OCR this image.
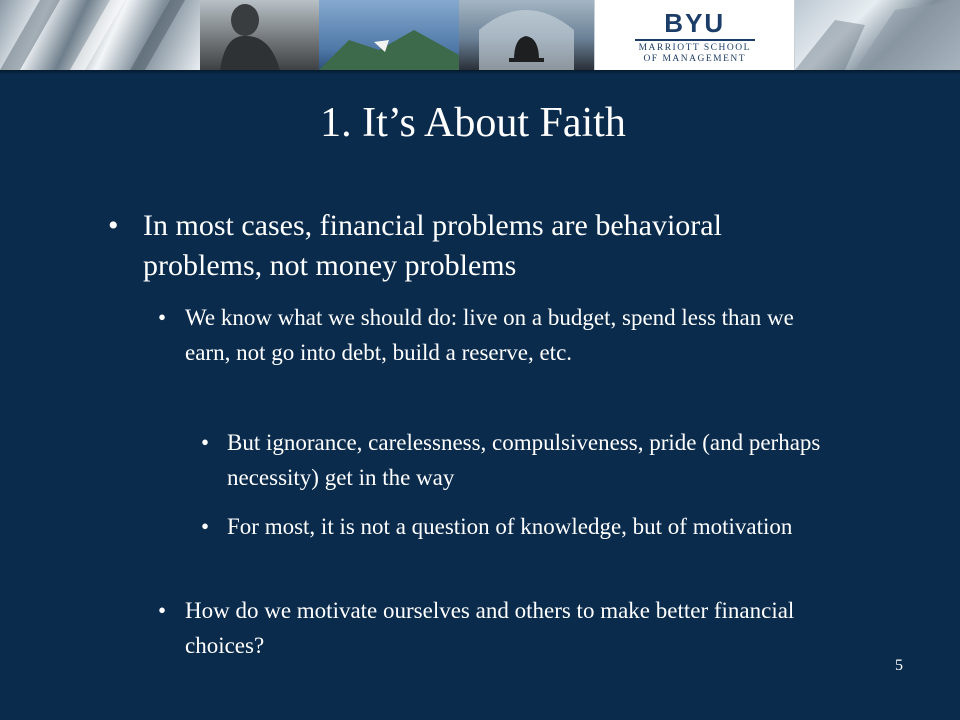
BYU
MARRIOTT SCHOOL
OF MANAGEMENT
1. It’s About Faith
• In most cases, financial problems are behavioral problems, not money problems
• We know what we should do: live on a budget, spend less than we earn, not go into debt, build a reserve, etc.
• But ignorance, carelessness, compulsiveness, pride (and perhaps necessity) get in the way
• For most, it is not a question of knowledge, but of motivation
• How do we motivate ourselves and others to make better financial choices?
5
